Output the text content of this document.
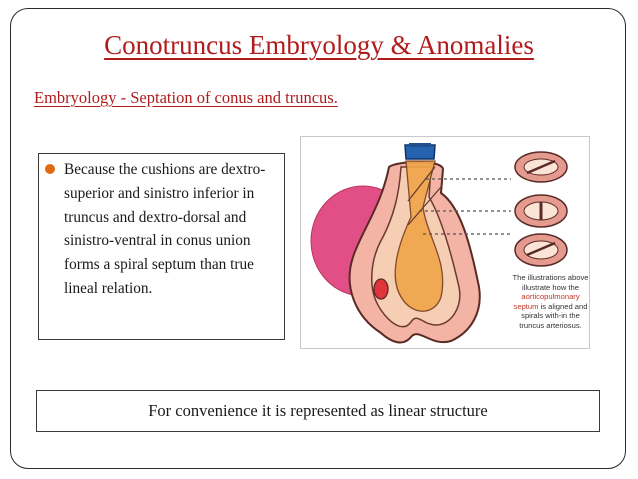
Conotruncus Embryology & Anomalies

Embryology - Septation of conus and truncus.

Because the cushions are dextro-superior and sinistro inferior in truncus and dextro-dorsal and sinistro-ventral in conus union forms a spiral septum than true lineal relation.
The illustrations above illustrate how the aorticopulmonary septum is aligned and spirals with-in the truncus arteriosus.
For convenience it is represented as linear structure
